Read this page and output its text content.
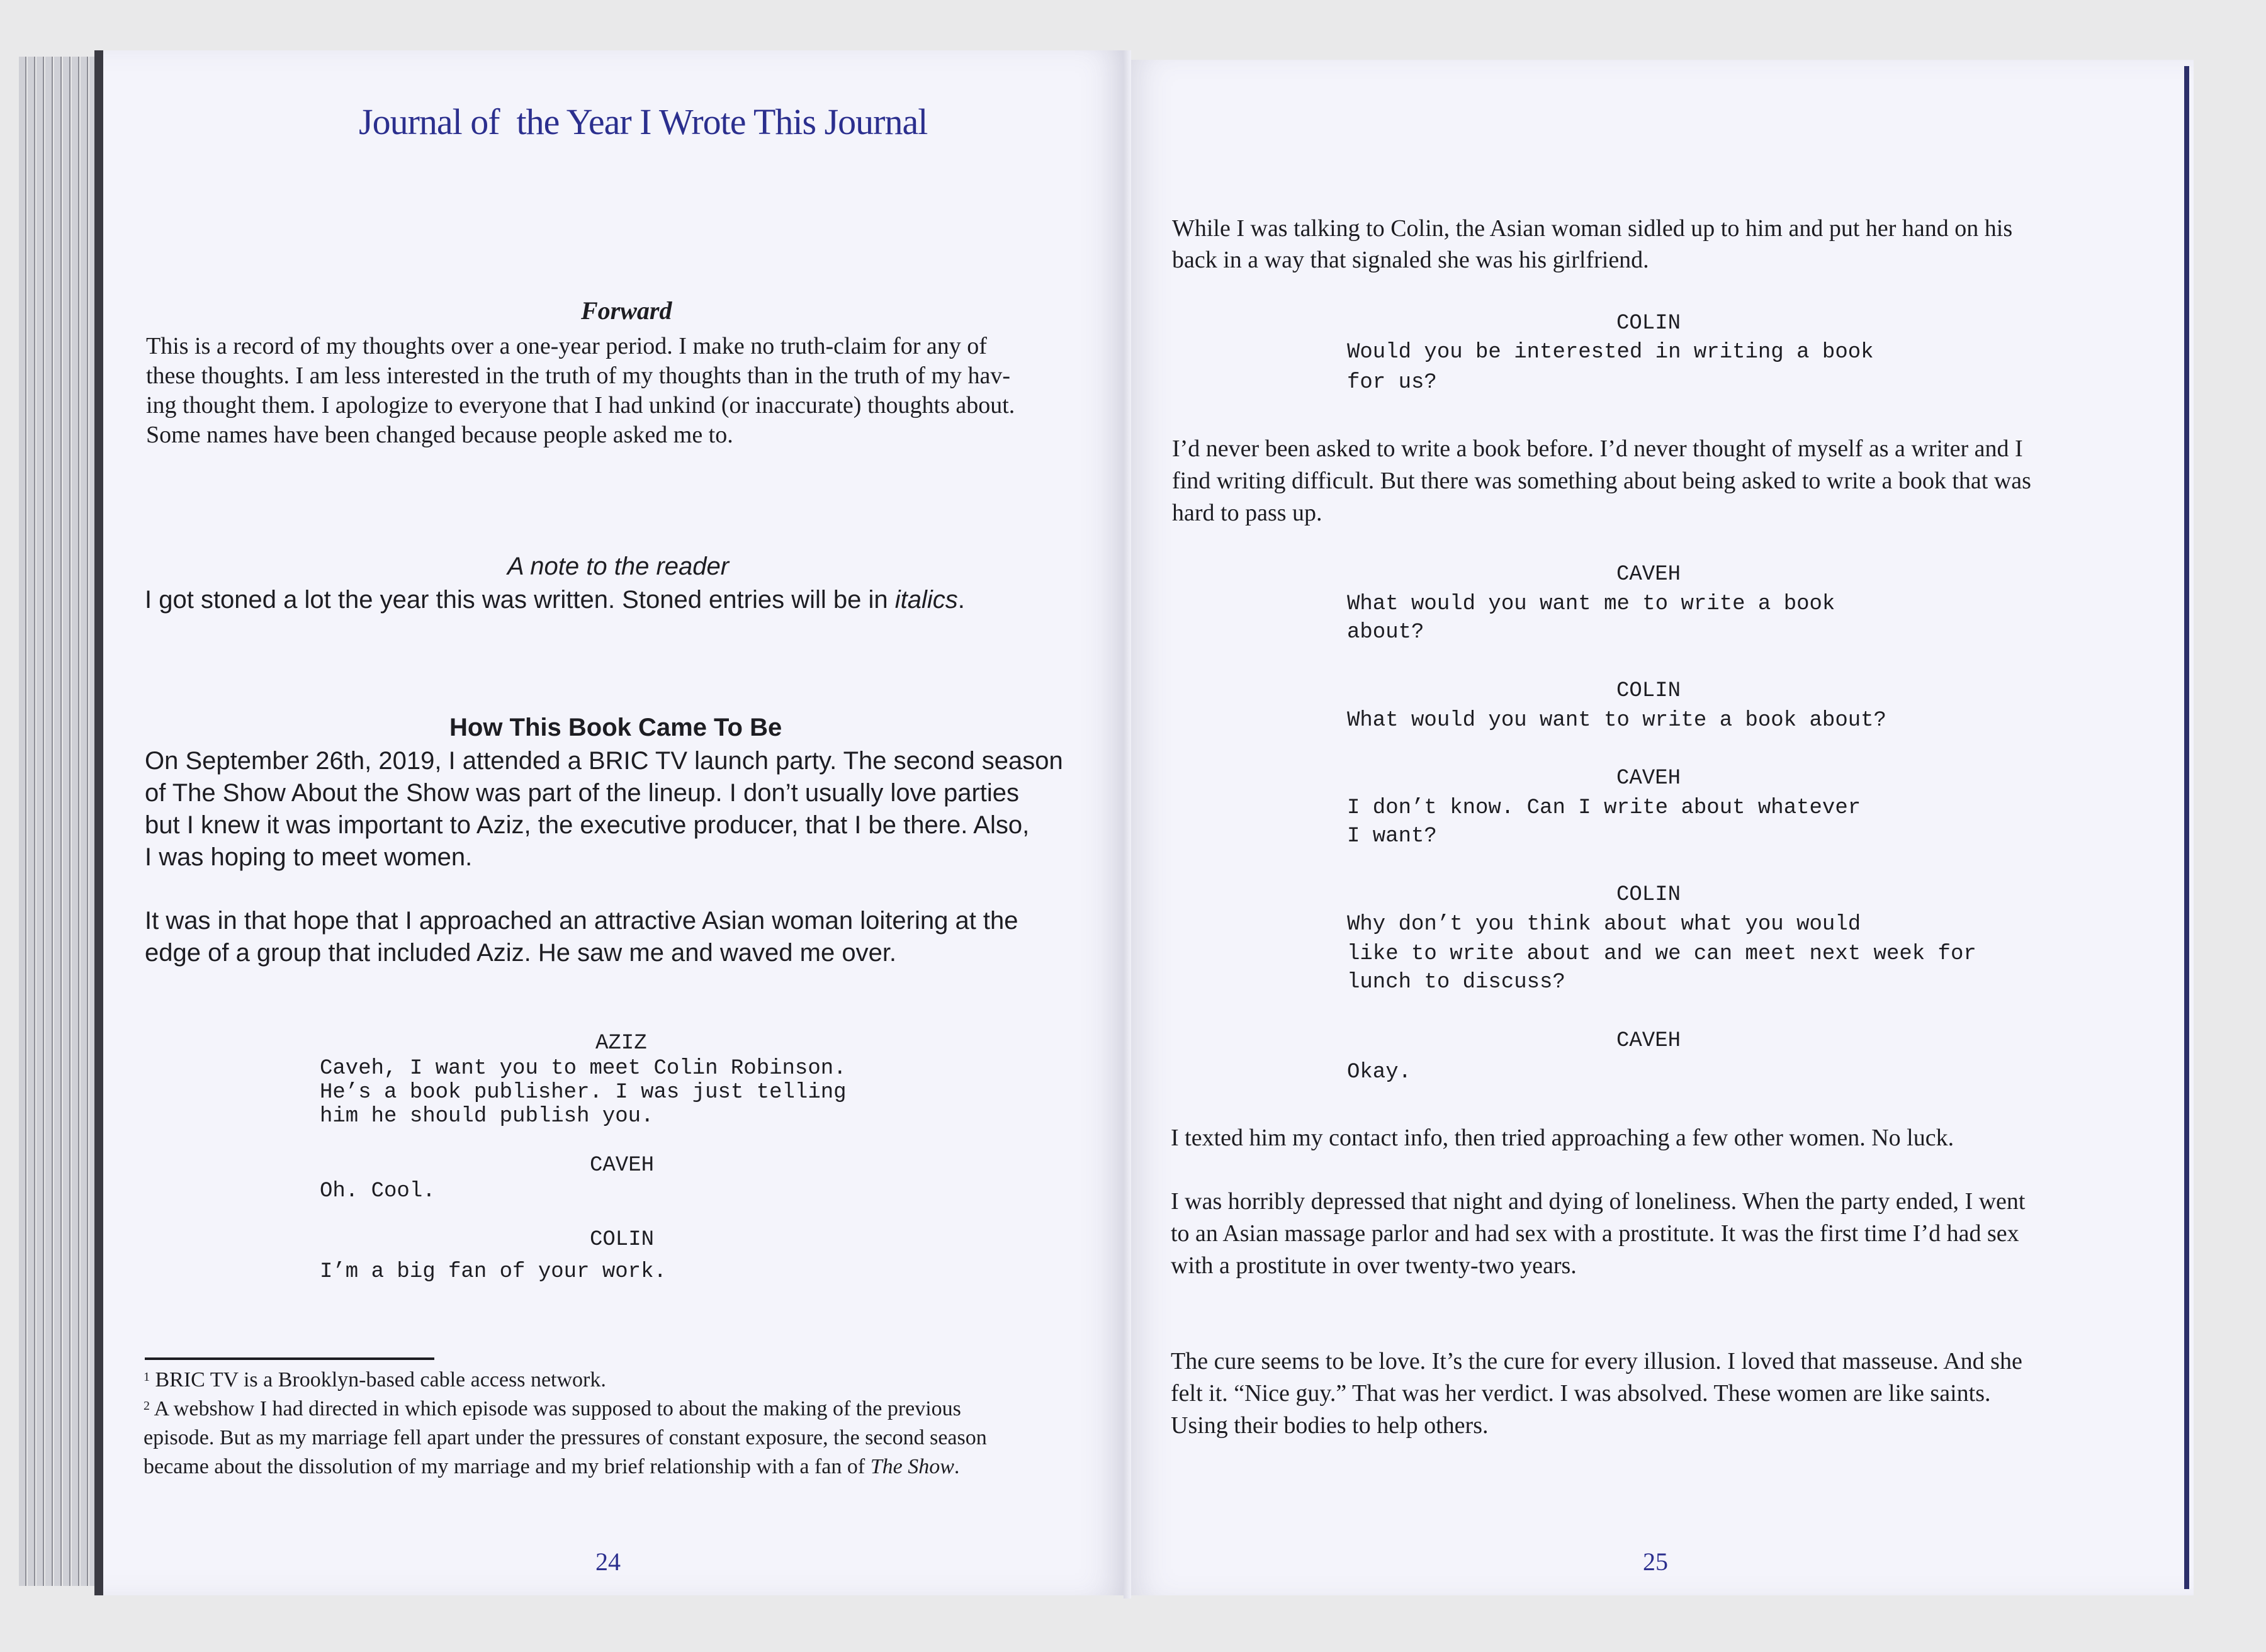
Journal of  the Year I Wrote This Journal
Forward
This is a record of my thoughts over a one-year period. I make no truth-claim for any of
these thoughts. I am less interested in the truth of my thoughts than in the truth of my hav-
ing thought them. I apologize to everyone that I had unkind (or inaccurate) thoughts about.
Some names have been changed because people asked me to.
A note to the reader
I got stoned a lot the year this was written. Stoned entries will be in italics.
How This Book Came To Be
On September 26th, 2019, I attended a BRIC TV launch party. The second season
of The Show About the Show was part of the lineup. I don’t usually love parties
but I knew it was important to Aziz, the executive producer, that I be there. Also,
I was hoping to meet women.
It was in that hope that I approached an attractive Asian woman loitering at the
edge of a group that included Aziz. He saw me and waved me over.
AZIZ
Caveh, I want you to meet Colin Robinson.
He’s a book publisher. I was just telling
him he should publish you.
CAVEH
Oh. Cool.
COLIN
I’m a big fan of your work.
$^1$ BRIC TV is a Brooklyn-based cable access network.
$^2$ A webshow I had directed in which episode was supposed to about the making of the previous
episode. But as my marriage fell apart under the pressures of constant exposure, the second season
became about the dissolution of my marriage and my brief relationship with a fan of The Show.
24
While I was talking to Colin, the Asian woman sidled up to him and put her hand on his
back in a way that signaled she was his girlfriend.
COLIN
Would you be interested in writing a book
for us?
I’d never been asked to write a book before. I’d never thought of myself as a writer and I
find writing difficult. But there was something about being asked to write a book that was
hard to pass up.
CAVEH
What would you want me to write a book
about?
COLIN
What would you want to write a book about?
CAVEH
I don’t know. Can I write about whatever
I want?
COLIN
Why don’t you think about what you would
like to write about and we can meet next week for
lunch to discuss?
CAVEH
Okay.
I texted him my contact info, then tried approaching a few other women. No luck.
I was horribly depressed that night and dying of loneliness. When the party ended, I went
to an Asian massage parlor and had sex with a prostitute. It was the first time I’d had sex
with a prostitute in over twenty-two years.
The cure seems to be love. It’s the cure for every illusion. I loved that masseuse. And she
felt it. “Nice guy.” That was her verdict. I was absolved. These women are like saints.
Using their bodies to help others.
25
